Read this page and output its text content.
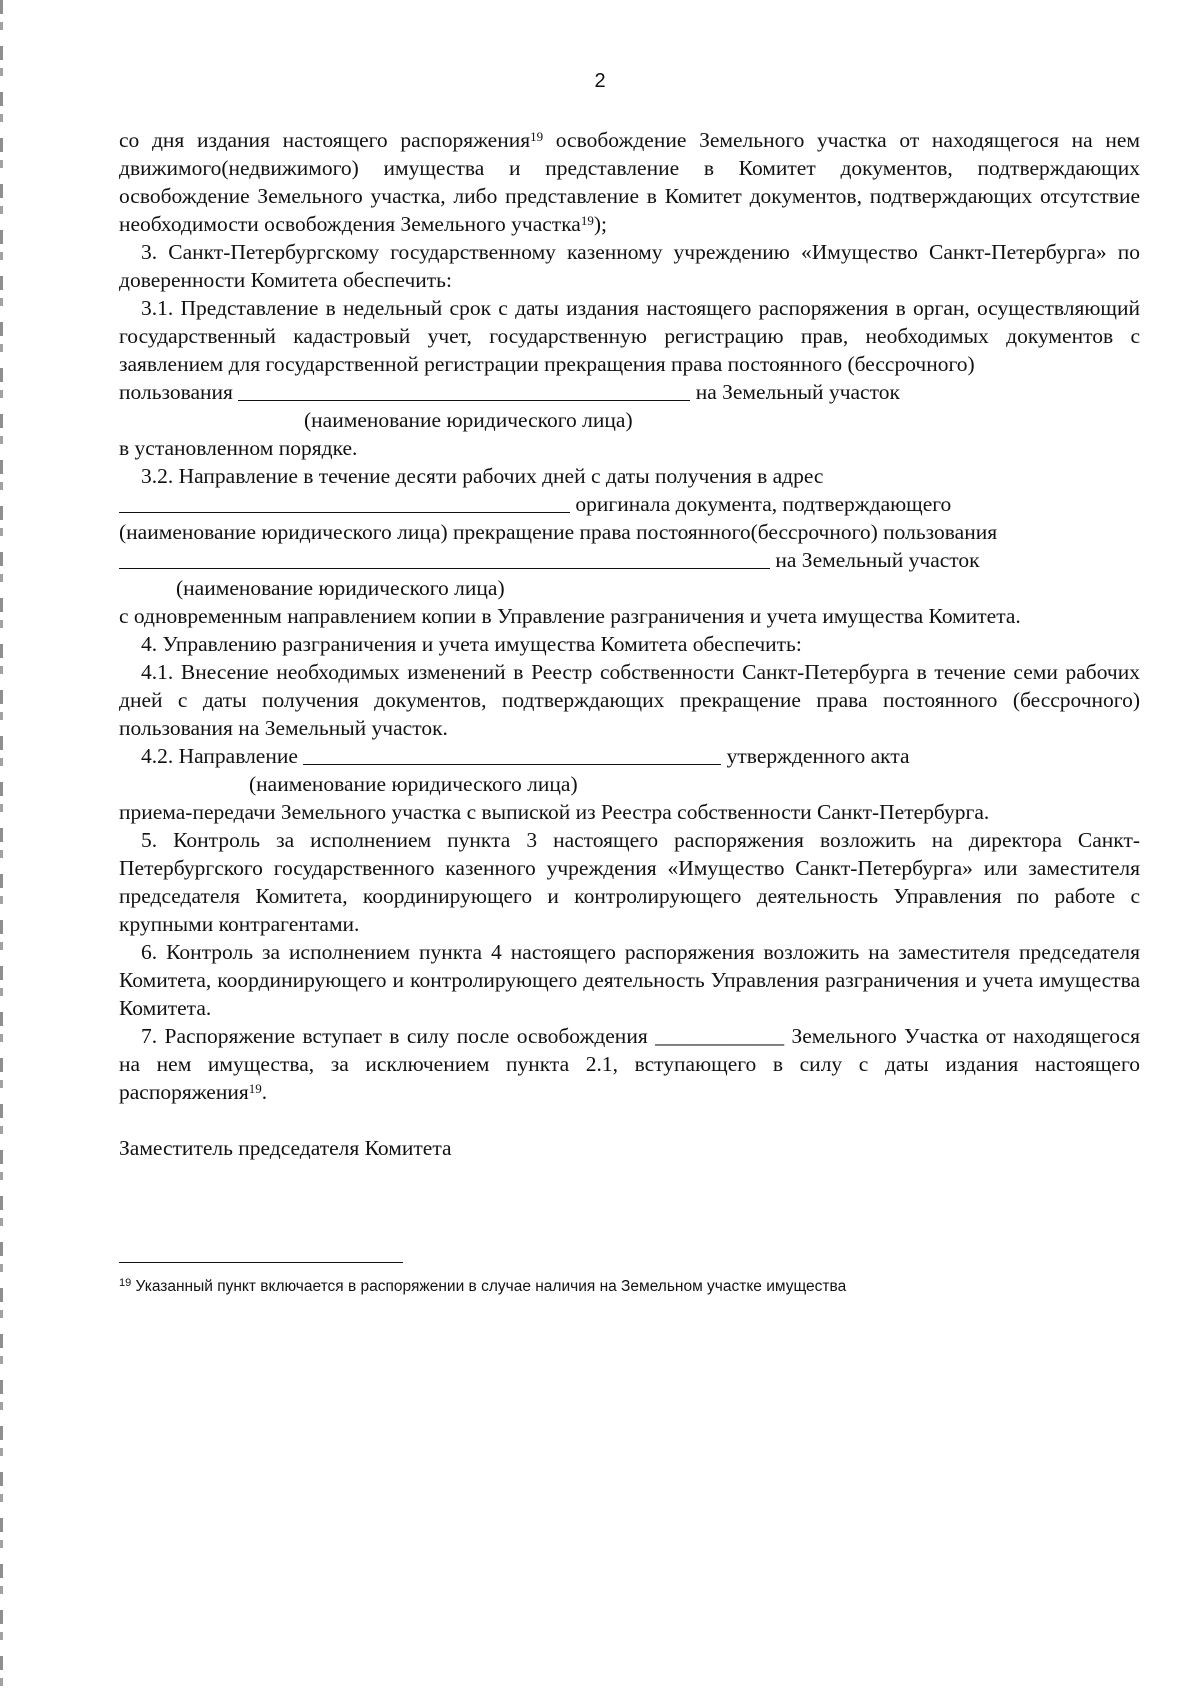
2

со дня издания настоящего распоряжения$^{19}$ освобождение Земельного участка от находящегося на нем движимого(недвижимого) имущества и представление в Комитет документов, подтверждающих освобождение Земельного участка, либо представление в Комитет документов, подтверждающих отсутствие необходимости освобождения Земельного участка$^{19}$);

3. Санкт-Петербургскому государственному казенному учреждению «Имущество Санкт-Петербурга» по доверенности Комитета обеспечить:

3.1. Представление в недельный срок с даты издания настоящего распоряжения в орган, осуществляющий государственный кадастровый учет, государственную регистрацию прав, необходимых документов с заявлением для государственной регистрации прекращения права постоянного (бессрочного)

пользования	на Земельный участок

(наименование юридического лица)

в установленном порядке.

3.2. Направление в течение десяти рабочих дней с даты получения в адрес

оригинала документа, подтверждающего

(наименование юридического лица) прекращение права постоянного(бессрочного) пользования

на Земельный участок

(наименование юридического лица)

с одновременным направлением копии в Управление разграничения и учета имущества Комитета.

4. Управлению разграничения и учета имущества Комитета обеспечить:

4.1. Внесение необходимых изменений в Реестр собственности Санкт-Петербурга в течение семи рабочих дней с даты получения документов, подтверждающих прекращение права постоянного (бессрочного) пользования на Земельный участок.

4.2. Направление	утвержденного акта

(наименование юридического лица)

приема-передачи Земельного участка с выпиской из Реестра собственности Санкт-Петербурга.

5. Контроль за исполнением пункта 3 настоящего распоряжения возложить на директора Санкт-Петербургского государственного казенного учреждения «Имущество Санкт-Петербурга» или заместителя председателя Комитета, координирующего и контролирующего деятельность Управления по работе с крупными контрагентами.

6. Контроль за исполнением пункта 4 настоящего распоряжения возложить на заместителя председателя Комитета, координирующего и контролирующего деятельность Управления разграничения и учета имущества Комитета.

7. Распоряжение вступает в силу после освобождения ____________ Земельного Участка от находящегося на нем имущества, за исключением пункта 2.1, вступающего в силу с даты издания настоящего распоряжения$^{19}$.

Заместитель председателя Комитета

$^{19}$ Указанный пункт включается в распоряжении в случае наличия на Земельном участке имущества
